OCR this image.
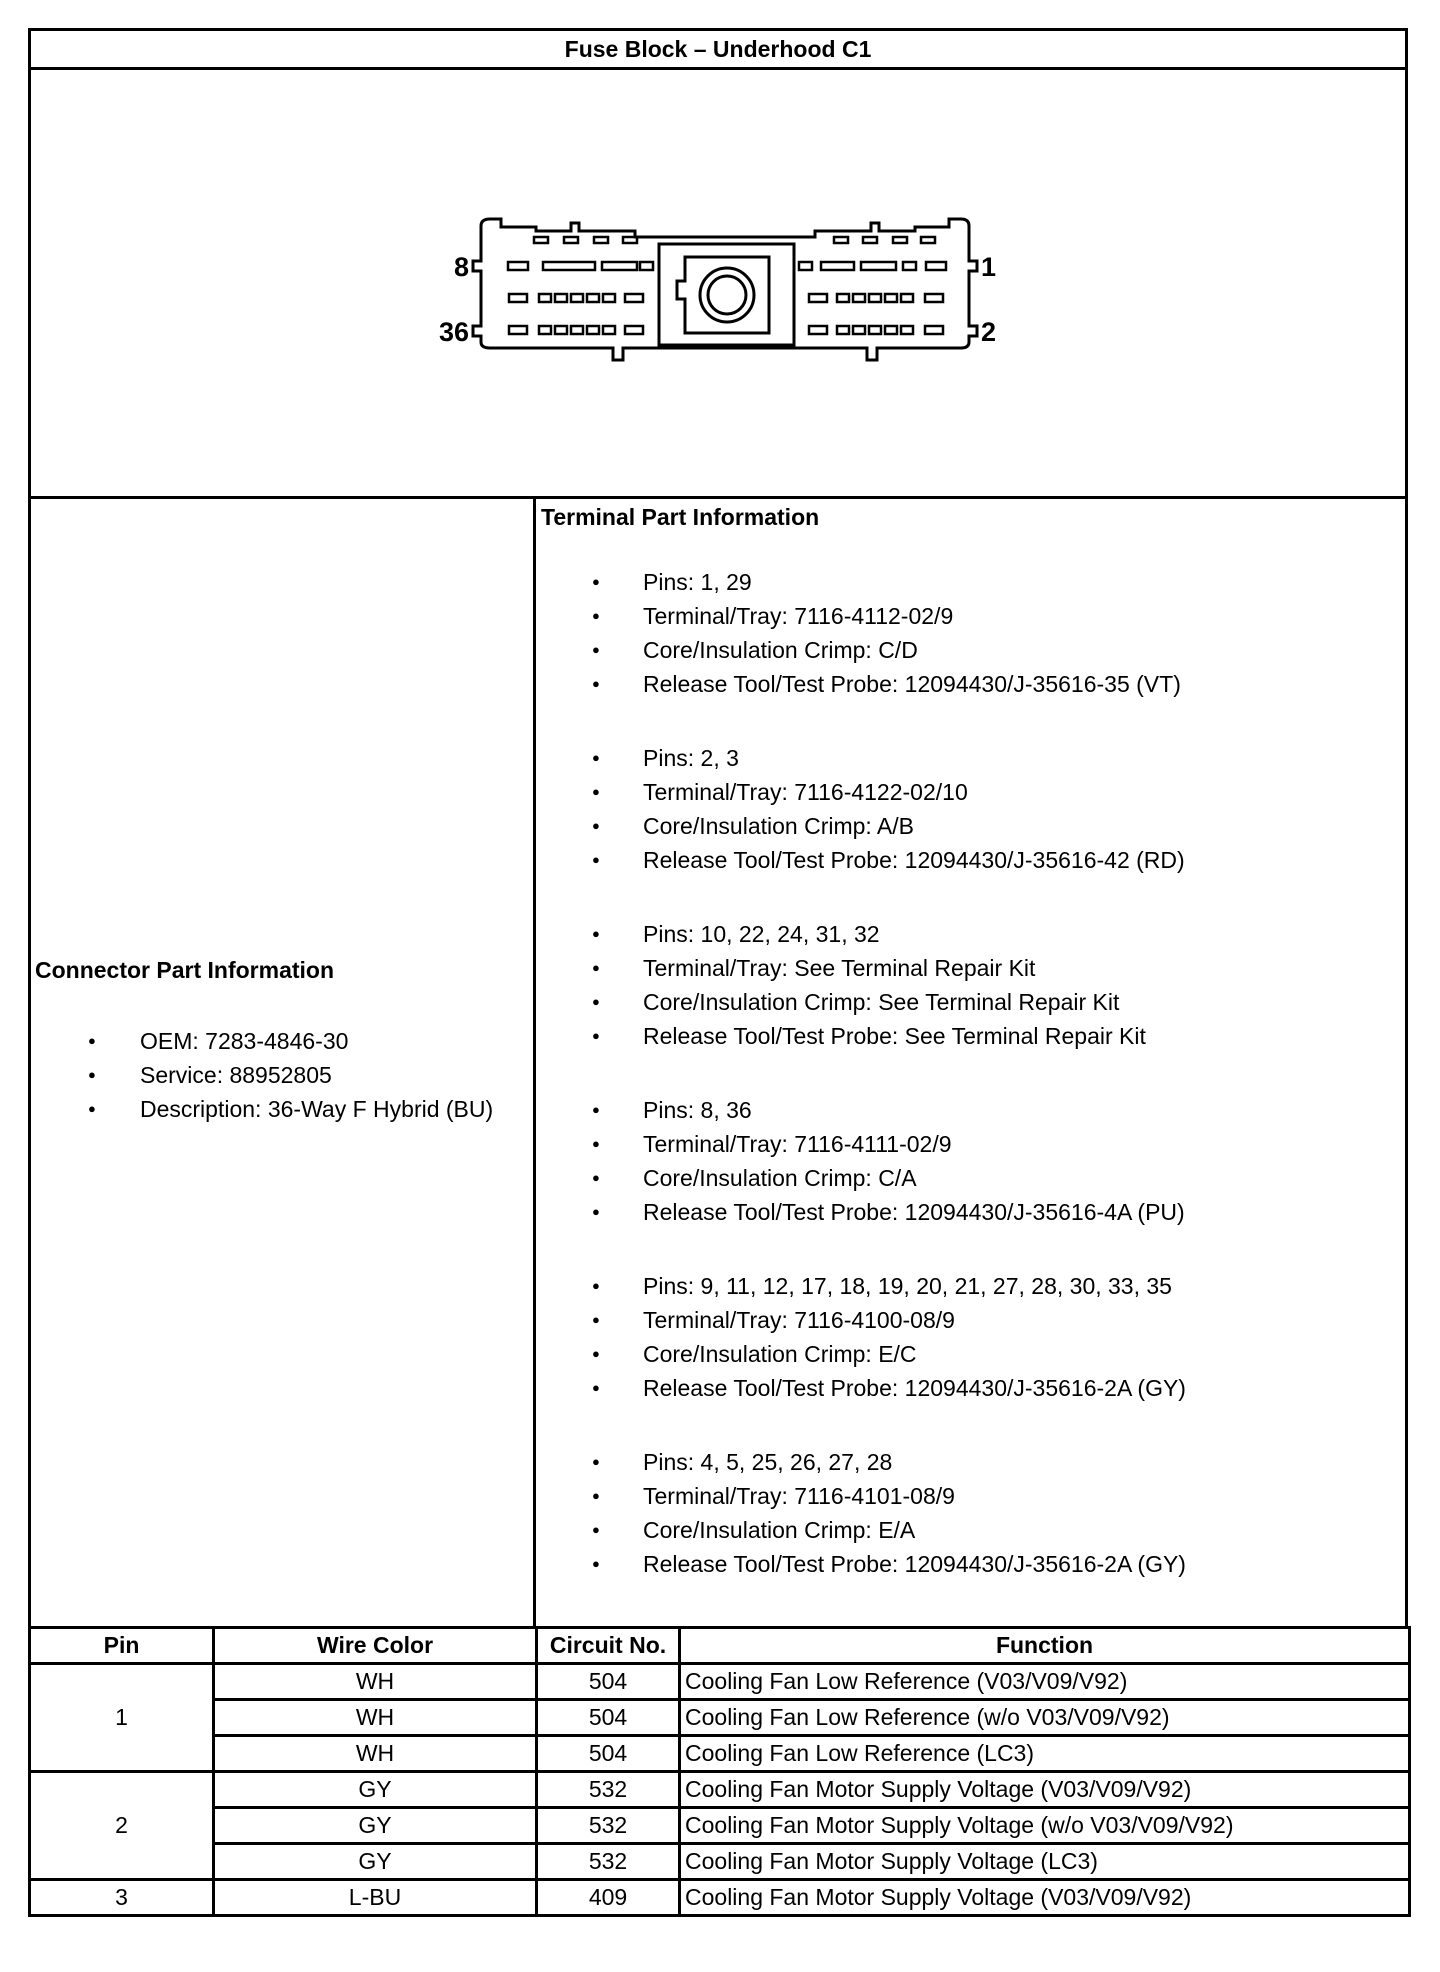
Fuse Block – Underhood C1
8
36
1
2
Connector Part Information
● OEM: 7283-4846-30
● Service: 88952805
● Description: 36-Way F Hybrid (BU)
Terminal Part Information
● Pins: 1, 29
● Terminal/Tray: 7116-4112-02/9
● Core/Insulation Crimp: C/D
● Release Tool/Test Probe: 12094430/J-35616-35 (VT)
● Pins: 2, 3
● Terminal/Tray: 7116-4122-02/10
● Core/Insulation Crimp: A/B
● Release Tool/Test Probe: 12094430/J-35616-42 (RD)
● Pins: 10, 22, 24, 31, 32
● Terminal/Tray: See Terminal Repair Kit
● Core/Insulation Crimp: See Terminal Repair Kit
● Release Tool/Test Probe: See Terminal Repair Kit
● Pins: 8, 36
● Terminal/Tray: 7116-4111-02/9
● Core/Insulation Crimp: C/A
● Release Tool/Test Probe: 12094430/J-35616-4A (PU)
● Pins: 9, 11, 12, 17, 18, 19, 20, 21, 27, 28, 30, 33, 35
● Terminal/Tray: 7116-4100-08/9
● Core/Insulation Crimp: E/C
● Release Tool/Test Probe: 12094430/J-35616-2A (GY)
● Pins: 4, 5, 25, 26, 27, 28
● Terminal/Tray: 7116-4101-08/9
● Core/Insulation Crimp: E/A
● Release Tool/Test Probe: 12094430/J-35616-2A (GY)
Pin	Wire Color	Circuit No.	Function
1	WH	504	Cooling Fan Low Reference (V03/V09/V92)
	WH	504	Cooling Fan Low Reference (w/o V03/V09/V92)
	WH	504	Cooling Fan Low Reference (LC3)
2	GY	532	Cooling Fan Motor Supply Voltage (V03/V09/V92)
	GY	532	Cooling Fan Motor Supply Voltage (w/o V03/V09/V92)
	GY	532	Cooling Fan Motor Supply Voltage (LC3)
3	L-BU	409	Cooling Fan Motor Supply Voltage (V03/V09/V92)
